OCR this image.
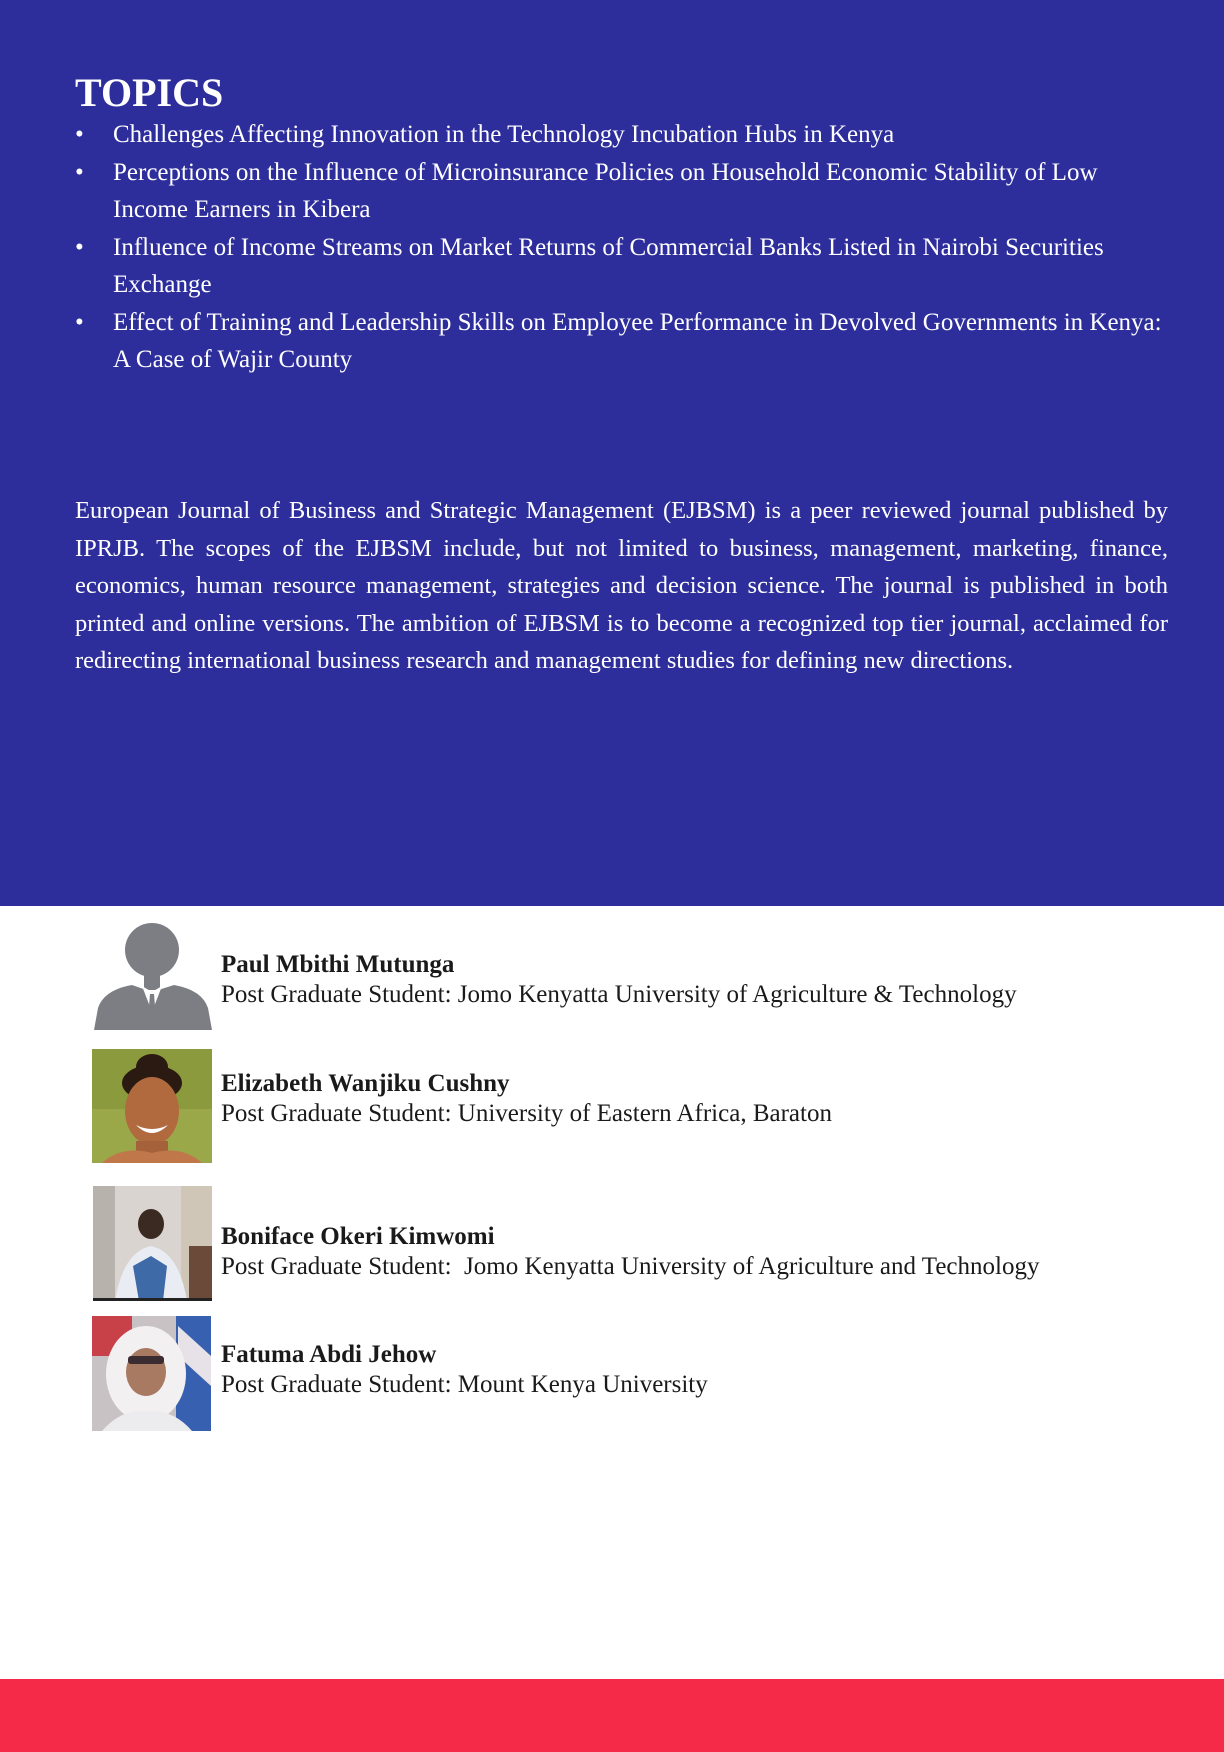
TOPICS
• Challenges Affecting Innovation in the Technology Incubation Hubs in Kenya
• Perceptions on the Influence of Microinsurance Policies on Household Economic Stability of Low Income Earners in Kibera
• Influence of Income Streams on Market Returns of Commercial Banks Listed in Nairobi Securities Exchange
• Effect of Training and Leadership Skills on Employee Performance in Devolved Governments in Kenya: A Case of Wajir County

European Journal of Business and Strategic Management (EJBSM) is a peer reviewed journal published by IPRJB. The scopes of the EJBSM include, but not limited to business, management, marketing, finance, economics, human resource management, strategies and decision science. The journal is published in both printed and online versions. The ambition of EJBSM is to become a recognized top tier journal, acclaimed for redirecting international business research and management studies for defining new directions.

Paul Mbithi Mutunga
Post Graduate Student: Jomo Kenyatta University of Agriculture & Technology
Elizabeth Wanjiku Cushny
Post Graduate Student: University of Eastern Africa, Baraton
Boniface Okeri Kimwomi
Post Graduate Student:  Jomo Kenyatta University of Agriculture and Technology
Fatuma Abdi Jehow
Post Graduate Student: Mount Kenya University
